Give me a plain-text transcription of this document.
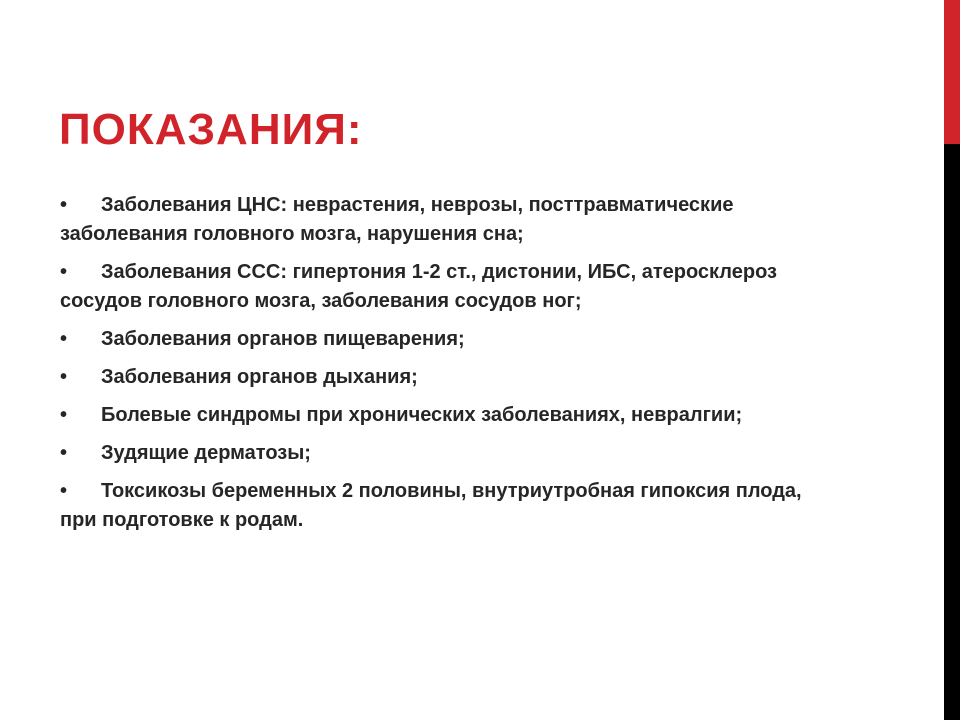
ПОКАЗАНИЯ:
• Заболевания ЦНС: неврастения, неврозы, посттравматические заболевания головного мозга, нарушения сна;
• Заболевания ССС: гипертония 1-2 ст., дистонии, ИБС, атеросклероз сосудов головного мозга, заболевания сосудов ног;
• Заболевания органов пищеварения;
• Заболевания органов дыхания;
• Болевые синдромы при хронических заболеваниях, невралгии;
• Зудящие дерматозы;
• Токсикозы беременных 2 половины, внутриутробная гипоксия плода, при подготовке к родам.
